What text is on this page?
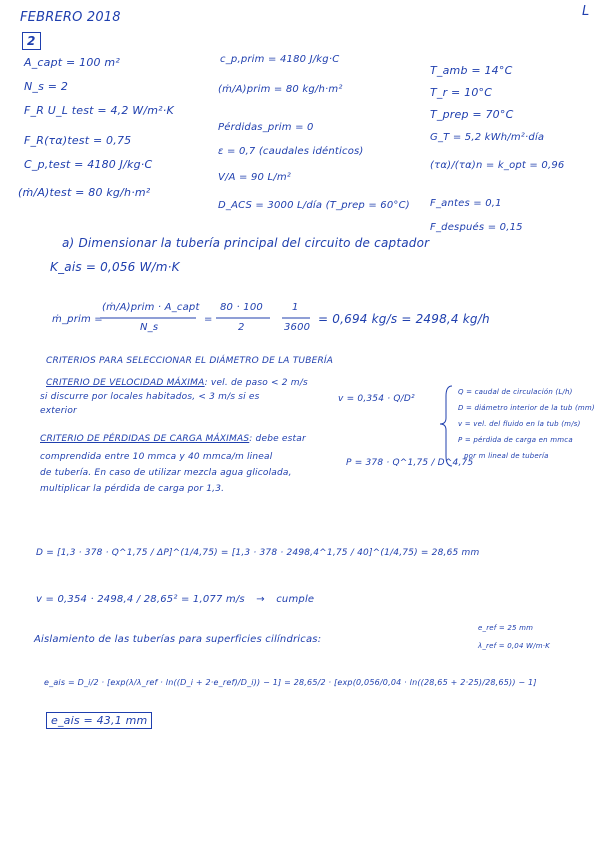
FEBRERO 2018	L
2
A_capt = 100 m²
N_s = 2
F_R U_L test = 4,2 W/m²·K
F_R(τα)test = 0,75
C_p,test = 4180 J/kg·C
(ṁ/A)test = 80 kg/h·m²
c_p,prim = 4180 J/kg·C
(ṁ/A)prim = 80 kg/h·m²
Pérdidas_prim = 0
ε = 0,7 (caudales idénticos)
V/A = 90 L/m²
D_ACS = 3000 L/día (T_prep = 60°C)
T_amb = 14°C
T_r = 10°C
T_prep = 70°C
G_T = 5,2 kWh/m²·día
(τα)/(τα)n = k_opt = 0,96
F_antes = 0,1
F_después = 0,15
a) Dimensionar la tubería principal del circuito de captador
K_ais = 0,056 W/m·K
ṁ_prim =
(ṁ/A)prim · A_capt
N_s
=
80 · 100
2
1
3600
= 0,694 kg/s = 2498,4 kg/h
CRITERIOS PARA SELECCIONAR EL DIÁMETRO DE LA TUBERÍA
CRITERIO DE VELOCIDAD MÁXIMA: vel. de paso < 2 m/s
si discurre por locales habitados, < 3 m/s si es
exterior
v = 0,354 · Q/D²
CRITERIO DE PÉRDIDAS DE CARGA MÁXIMAS: debe estar
comprendida entre 10 mmca y 40 mmca/m lineal
de tubería. En caso de utilizar mezcla agua glicolada,
multiplicar la pérdida de carga por 1,3.
P = 378 · Q^1,75 / D^4,75
Q = caudal de circulación (L/h)
D = diámetro interior de la tub (mm)
v = vel. del fluido en la tub (m/s)
P = pérdida de carga en mmca
por m lineal de tubería
D = [1,3 · 378 · Q^1,75 / ΔP]^(1/4,75) = [1,3 · 378 · 2498,4^1,75 / 40]^(1/4,75) = 28,65 mm
v = 0,354 · 2498,4 / 28,65² = 1,077 m/s → cumple
Aislamiento de las tuberías para superficies cilíndricas:
e_ref = 25 mm
λ_ref = 0,04 W/m·K
e_ais = D_i/2 · [exp(λ/λ_ref · ln((D_i + 2·e_ref)/D_i)) − 1] = 28,65/2 · [exp(0,056/0,04 · ln((28,65 + 2·25)/28,65)) − 1]
e_ais = 43,1 mm
